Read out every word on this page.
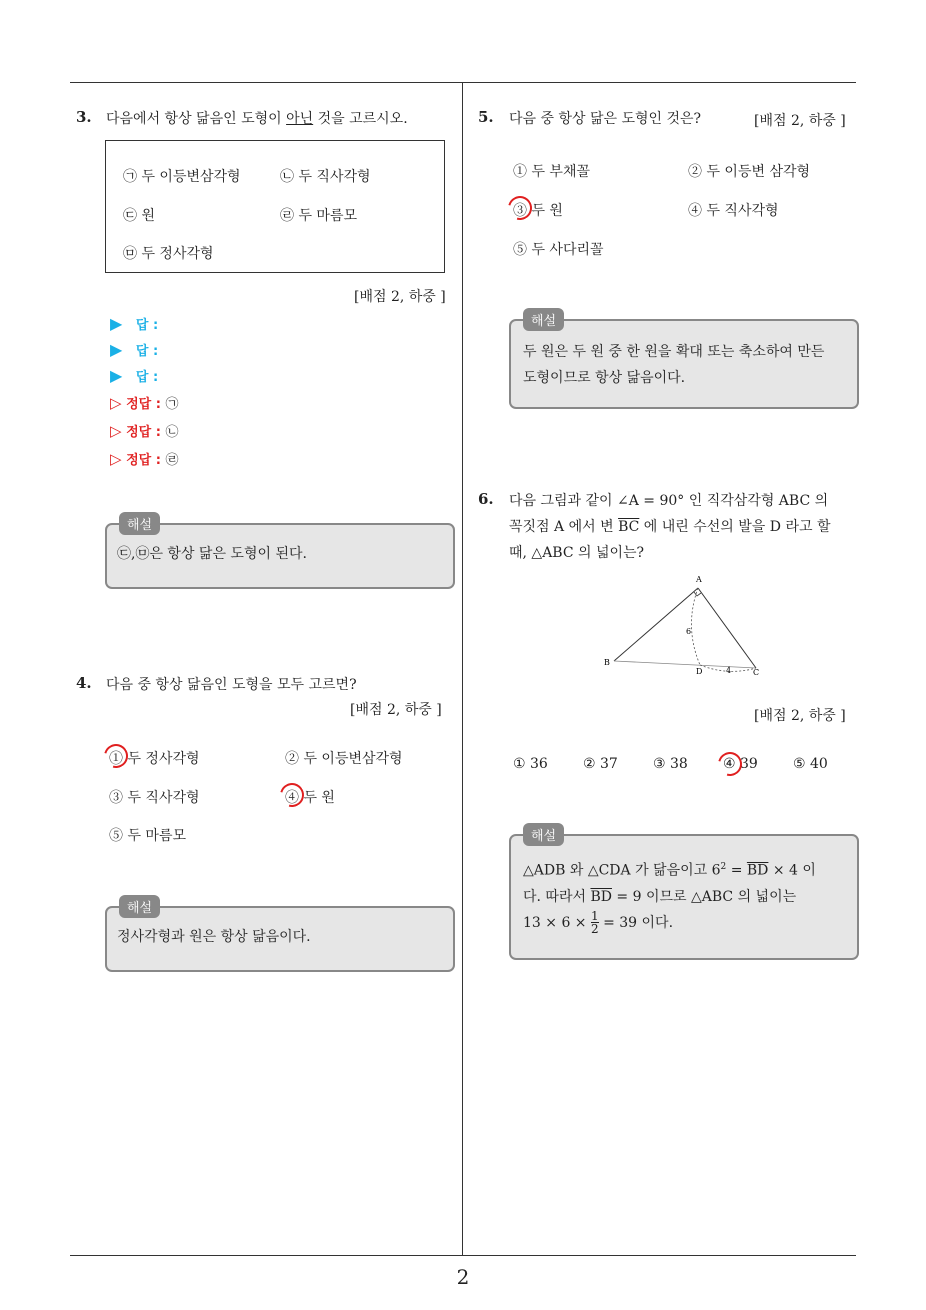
2
3. 다음에서 항상 닮음인 도형이 아닌 것을 고르시오.
㉠ 두 이등변삼각형	㉡ 두 직사각형
㉢ 원	㉣ 두 마름모
㉤ 두 정사각형
[배점 2, 하중 ]
▶ 답 :
▶ 답 :
▶ 답 :
▷ 정답 : ㉠
▷ 정답 : ㉡
▷ 정답 : ㉣
해설
㉢,㉤은 항상 닮은 도형이 된다.
4. 다음 중 항상 닮음인 도형을 모두 고르면?
[배점 2, 하중 ]
① 두 정사각형	② 두 이등변삼각형
③ 두 직사각형	④ 두 원
⑤ 두 마름모
해설
정사각형과 원은 항상 닮음이다.
5. 다음 중 항상 닮은 도형인 것은?	[배점 2, 하중 ]
① 두 부채꼴	② 두 이등변 삼각형
③ 두 원	④ 두 직사각형
⑤ 두 사다리꼴
해설
두 원은 두 원 중 한 원을 확대 또는 축소하여 만든
도형이므로 항상 닮음이다.
6. 다음 그림과 같이 ∠A = 90° 인 직각삼각형 ABC 의
꼭짓점 A 에서 변 $\overline{BC}$ 에 내린 수선의 발을 D 라고 할
때, △ABC 의 넓이는?
A
B
C
D
6
4
[배점 2, 하중 ]
① 36	② 37	③ 38	④ 39	⑤ 40
해설
△ADB 와 △CDA 가 닮음이고 $6^2 = \overline{BD} \times 4$ 이
다. 따라서 $\overline{BD} = 9$ 이므로 △ABC 의 넓이는
$13 \times 6 \times \frac{1}{2} = 39$ 이다.
